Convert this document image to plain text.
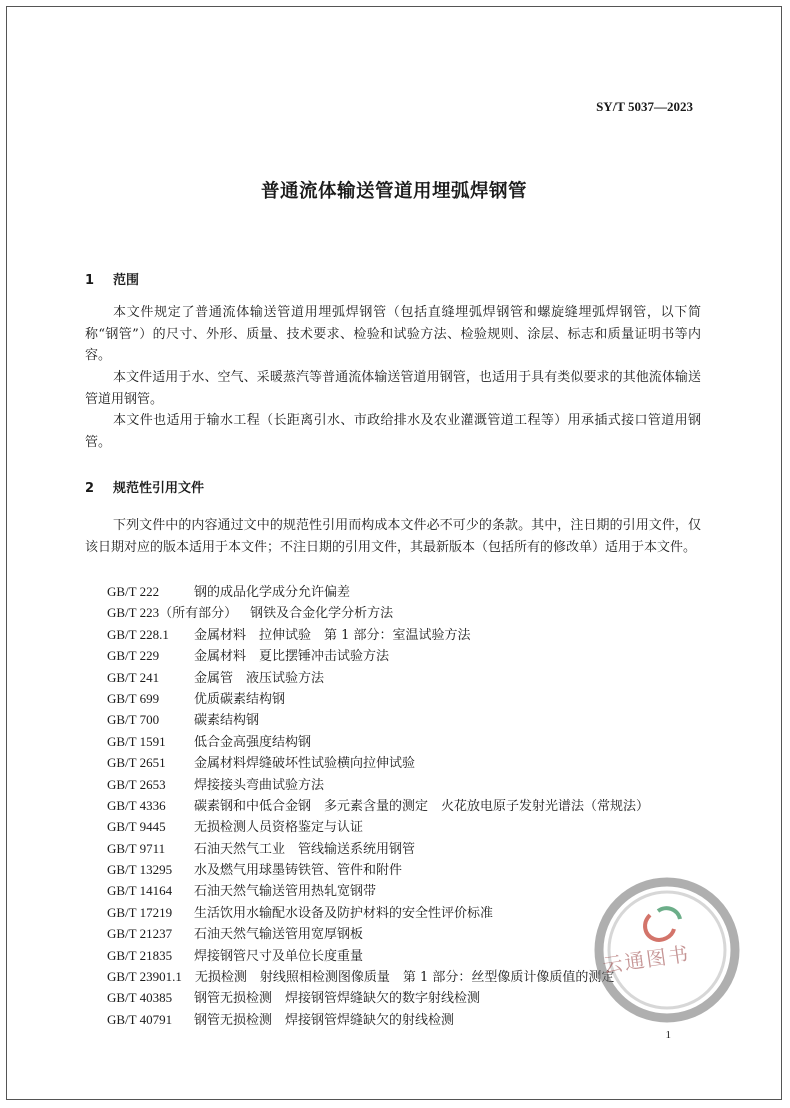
SY/T 5037—2023
普通流体输送管道用埋弧焊钢管
1 范围

本文件规定了普通流体输送管道用埋弧焊钢管（包括直缝埋弧焊钢管和螺旋缝埋弧焊钢管，以下简称“钢管”）的尺寸、外形、质量、技术要求、检验和试验方法、检验规则、涂层、标志和质量证明书等内容。

本文件适用于水、空气、采暖蒸汽等普通流体输送管道用钢管，也适用于具有类似要求的其他流体输送管道用钢管。

本文件也适用于输水工程（长距离引水、市政给排水及农业灌溉管道工程等）用承插式接口管道用钢管。

2 规范性引用文件

下列文件中的内容通过文中的规范性引用而构成本文件必不可少的条款。其中，注日期的引用文件，仅该日期对应的版本适用于本文件；不注日期的引用文件，其最新版本（包括所有的修改单）适用于本文件。

GB/T 222 	钢的成品化学成分允许偏差
GB/T 223（所有部分）  钢铁及合金化学分析方法
GB/T 228.1  金属材料　拉伸试验　第 1 部分：室温试验方法
GB/T 229 	金属材料　夏比摆锤冲击试验方法
GB/T 241 	金属管　液压试验方法
GB/T 699 	优质碳素结构钢
GB/T 700 	碳素结构钢
GB/T 1591  低合金高强度结构钢
GB/T 2651  金属材料焊缝破坏性试验横向拉伸试验
GB/T 2653  焊接接头弯曲试验方法
GB/T 4336  碳素钢和中低合金钢　多元素含量的测定　火花放电原子发射光谱法（常规法）
GB/T 9445  无损检测人员资格鉴定与认证
GB/T 9711  石油天然气工业　管线输送系统用钢管
GB/T 13295  水及燃气用球墨铸铁管、管件和附件
GB/T 14164  石油天然气输送管用热轧宽钢带
GB/T 17219  生活饮用水输配水设备及防护材料的安全性评价标准
GB/T 21237  石油天然气输送管用宽厚钢板
GB/T 21835  焊接钢管尺寸及单位长度重量
GB/T 23901.1  无损检测　射线照相检测图像质量　第 1 部分：丝型像质计像质值的测定
GB/T 40385  钢管无损检测　焊接钢管焊缝缺欠的数字射线检测
GB/T 40791  钢管无损检测　焊接钢管焊缝缺欠的射线检测
1
云通图书
